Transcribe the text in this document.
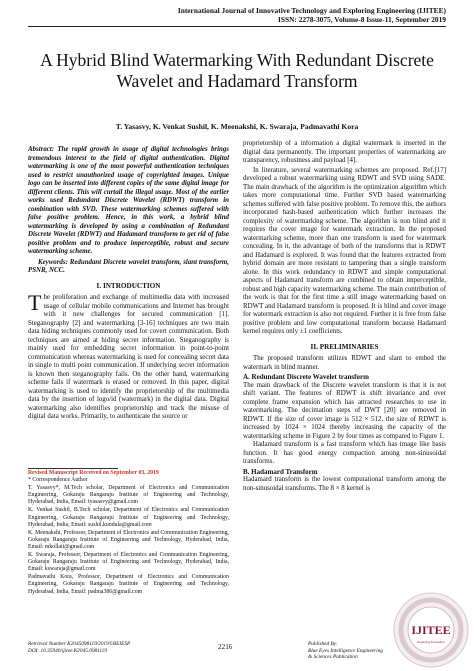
International Journal of Innovative Technology and Exploring Engineering (IJITEE)
ISSN: 2278-3075, Volume-8 Issue-11, September 2019
A Hybrid Blind Watermarking With Redundant Discrete Wavelet and Hadamard Transform
T. Yasasvy, K. Venkat Sushil, K. Meenakshi, K. Swaraja, Padmavathi Kora
Abstract: The rapid growth in usage of digital technologies brings tremendous interest to the field of digital authentication. Digital watermarking is one of the most powerful authentication techniques used to restrict unauthorized usage of copyrighted images. Unique logo can be inserted into different copies of the same digital image for different clients. This will curtail the illegal usage. Most of the earlier works used Redundant Discrete Wavelet (RDWT) transform in combination with SVD. These watermarking schemes suffered with false positive problem. Hence, in this work, a hybrid blind watermarking is developed by using a combination of Redundant Discrete Wavelet (RDWT) and Hadamard transform to get rid of false positive problem and to produce imperceptible, robust and secure watermarking scheme.
Keywords: Redundant Discrete wavelet transform, slant transform, PSNR, NCC.
I. INTRODUCTION

The proliferation and exchange of multimedia data with increased usage of cellular mobile communications and Internet has brought with it new challenges for secured communication [1]. Steganography [2] and watermarking [3-16] techniques are two main data hiding techniques commonly used for covert communication. Both techniques are aimed at hiding secret information. Steganography is mainly used for embedding secret information in point-to-point communication whereas watermarking is used for concealing secret data in single to multi point communication. If underlying secret information is known then steganography fails. On the other hand, watermarking scheme fails if watermark is erased or removed. In this paper, digital watermarking is used to identify the proprietorship of the multimedia data by the insertion of logo/id (watermark) in the digital data. Digital watermarking also identifies proprietorship and track the misuse of digital data works. Primarily, to authenticate the source or

Revised Manuscript Received on September 03, 2019
* Correspondence Author
T. Yasasvy*, M.Tech scholar, Department of Electronics and Communication Engineering, Gokaraju Rangaraju Institute of Engineering and Technology, Hyderabad, India, Email: tyasasvy@gmail.com
K. Venkat Sushil, B.Tech scholar, Department of Electronics and Communication Engineering, Gokaraju Rangaraju Institute of Engineering and Technology, Hyderabad, India, Email: sushil.kundula@gmail.com
K. Meenakshi, Professor, Department of Electronics and Communication Engineering, Gokaraju Rangaraju Institute of Engineering and Technology, Hyderabad, India, Email: mkollati@gmail.com
K. Swaraja, Professor, Department of Electronics and Communication Engineering, Gokaraju Rangaraju Institute of Engineering and Technology, Hyderabad, India, Email: kswaraja@gmail.com
Padmavathi Kora, Professor, Department of Electronics and Communication Engineering, Gokaraju Rangaraju Institute of Engineering and Technology, Hyderabad, India, Email: padma386@gmail.com

proprietorship of a information a digital watermark is inserted in the digital data permanently. The important properties of watermarking are transparency, robustness and payload [4].

In literature, several watermarking schemes are proposed. Ref.[17] developed a robust watermarking using RDWT and SVD using SADE. The main drawback of the algorithm is the optimization algorithm which takes more computational time. Further SVD based watermarking schemes suffered with false positive problem. To remove this, the authors incorporated hash-based authentication which further increases the complexity of watermarking scheme. The algorithm is non blind and it requires the cover image for watermark extraction. In the proposed watermarking scheme, more than one transform is used for watermark concealing. In it, the advantage of both of the transforms that is RDWT and Hadamard is explored. It was found that the features extracted from hybrid domain are more resistant to tampering than a single transform alone. In this work redundancy in RDWT and simple computational aspects of Hadamard transform are combined to obtain imperceptible, robust and high capacity watermarking scheme. The main contribution of the work is that for the first time a still image watermarking based on RDWT and Hadamard transform is proposed. It is blind and cover image for watermark extraction is also not required. Further it is free from false positive problem and low computational transform because Hadamard kernel requires only ±1 coefficients.

II. PRELIMINARIES

The proposed transform utilizes RDWT and slant to embed the watermark in blind manner.

A. Redundant Discrete Wavelet transform

The main drawback of the Discrete wavelet transform is that it is not shift variant. The features of RDWT is shift invariance and over complete frame expansion which has attracted researches to use in watermarking. The decimation steps of DWT [20] are removed in RDWT. If the size of cover image is 512 × 512, the size of RDWT is increased by 1024 × 1024 thereby increasing the capacity of the watermarking scheme in Figure 2 by four times as compared to Figure 1.

Hadamard transform is a fast transform which has image like basis function. It has good energy compaction among non-sinusoidal transforms.

B. Hadamard Transform

Hadamard transform is the lowest computational transform among the non-sinusoidal transforms. The 8 × 8 kernel is

Retrieval Number K2045098119/2019©BEIESP
DOI: 10.35940/ijitee.K2045.0981119	2216	Published By:
Blue Eyes Intelligence Engineering
& Sciences Publication
IJITEE
Exploring Innovation
